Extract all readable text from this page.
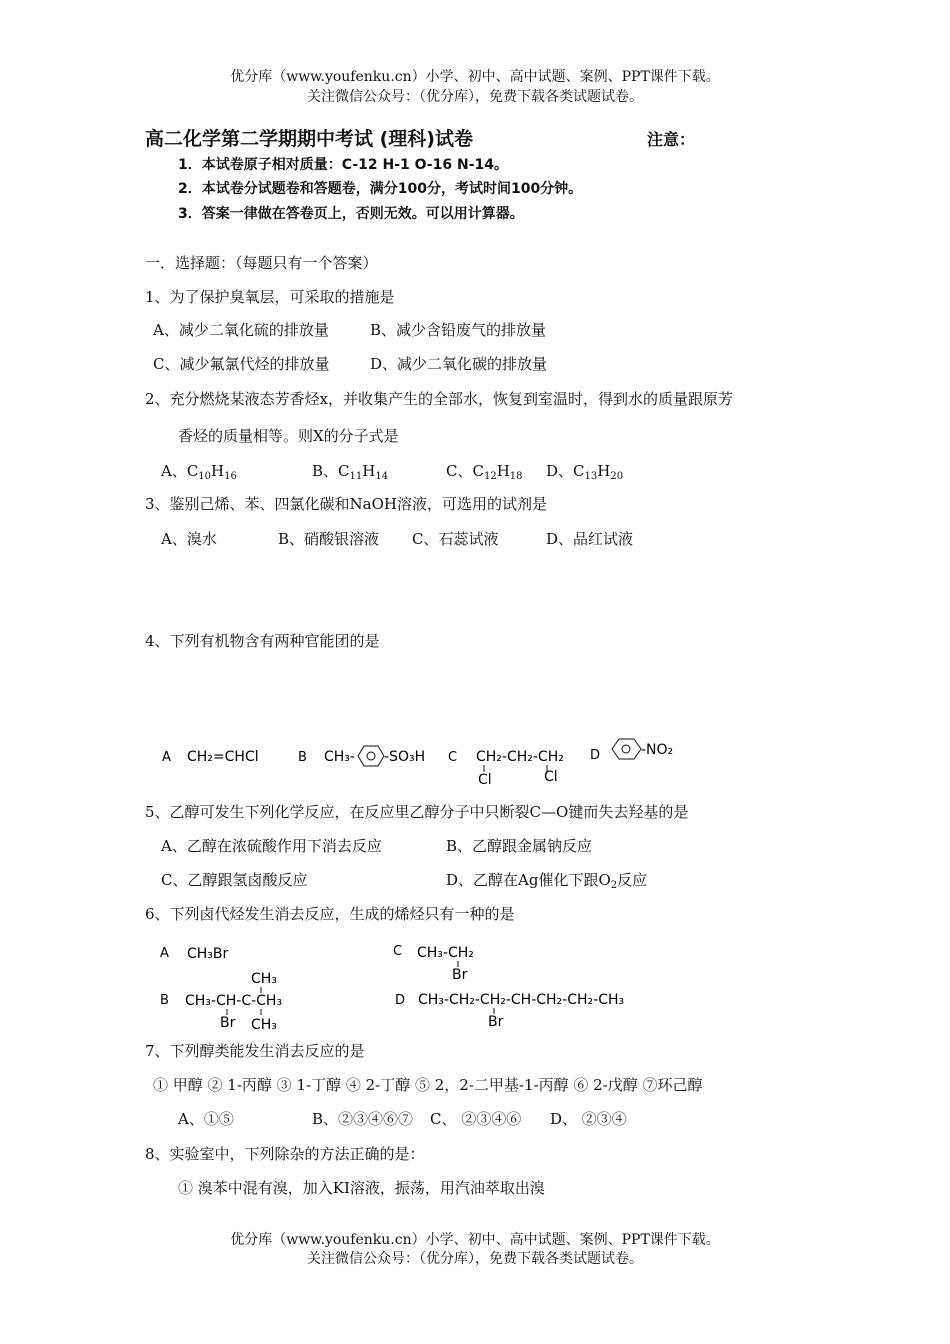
优分库（www.youfenku.cn）小学、初中、高中试题、案例、PPT课件下载。
关注微信公众号：（优分库），免费下载各类试题试卷。
高二化学第二学期期中考试 (理科)试卷	注意：
1．本试卷原子相对质量：C-12 H-1 O-16 N-14。
2．本试卷分试题卷和答题卷，满分100分，考试时间100分钟。
3．答案一律做在答卷页上，否则无效。可以用计算器。
一．选择题：（每题只有一个答案）
1、为了保护臭氧层，可采取的措施是
A、减少二氧化硫的排放量	B、减少含铅废气的排放量
C、减少氟氯代烃的排放量	D、减少二氧化碳的排放量
2、充分燃烧某液态芳香烃x，并收集产生的全部水，恢复到室温时，得到水的质量跟原芳
香烃的质量相等。则X的分子式是
A、$C_{10}H_{16}$	B、$C_{11}H_{14}$	C、$C_{12}H_{18}$ D、$C_{13}H_{20}$
3、鉴别己烯、苯、四氯化碳和NaOH溶液，可选用的试剂是
A、溴水	B、硝酸银溶液 C、石蕊试液	D、品红试液
4、下列有机物含有两种官能团的是
A CH₂=CHCl	B CH₃- -SO₃H C CH₂-CH₂-CH₂
Cl	Cl
D	-NO₂
5、乙醇可发生下列化学反应，在反应里乙醇分子中只断裂C—O键而失去羟基的是
A、乙醇在浓硫酸作用下消去反应	B、乙醇跟金属钠反应
C、乙醇跟氢卤酸反应	D、乙醇在Ag催化下跟$O_2$反应
6、下列卤代烃发生消去反应，生成的烯烃只有一种的是
A CH₃Br	C CH₃-CH₂
Br
CH₃
B CH₃-CH-C-CH₃
Br CH₃
D CH₃-CH₂-CH₂-CH-CH₂-CH₂-CH₃
Br
7、下列醇类能发生消去反应的是
① 甲醇 ② 1-丙醇 ③ 1-丁醇 ④ 2-丁醇 ⑤ 2，2-二甲基-1-丙醇 ⑥ 2-戊醇 ⑦环己醇
A、①⑤	B、②③④⑥⑦ C、 ②③④⑥ D、 ②③④
8、实验室中，下列除杂的方法正确的是：
① 溴苯中混有溴，加入KI溶液，振荡，用汽油萃取出溴
优分库（www.youfenku.cn）小学、初中、高中试题、案例、PPT课件下载。
关注微信公众号：（优分库），免费下载各类试题试卷。
